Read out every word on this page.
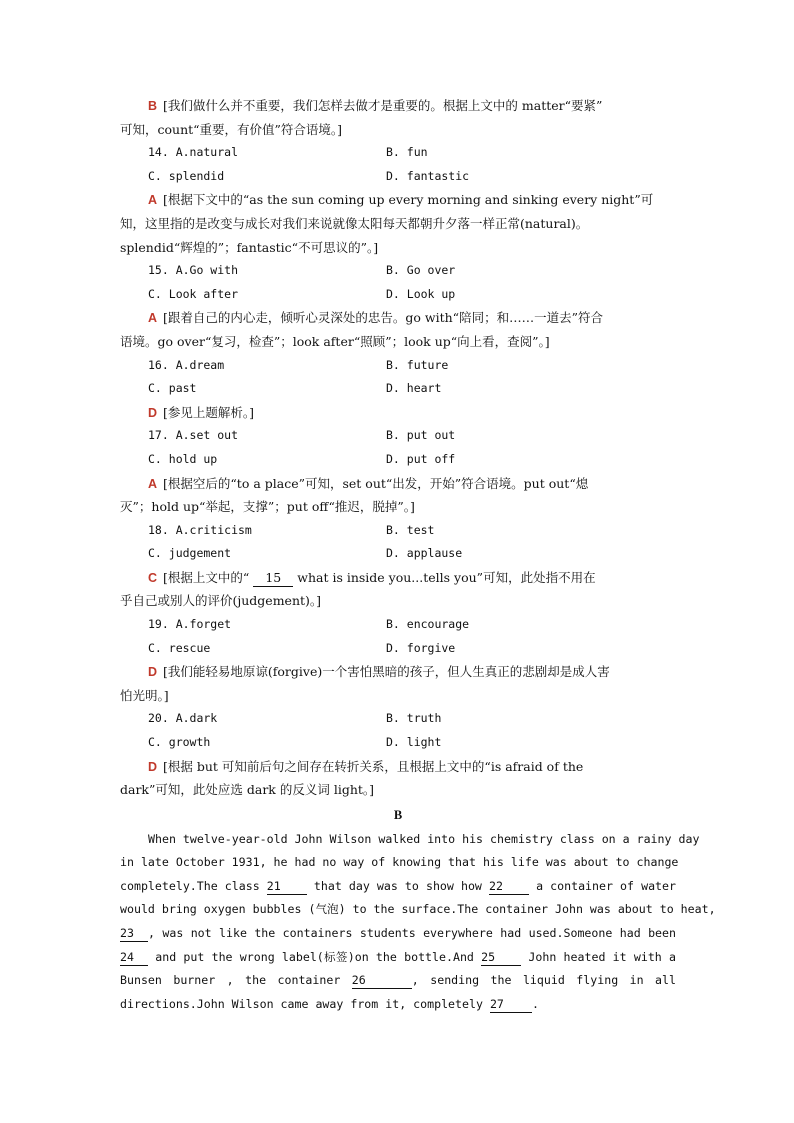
B [我们做什么并不重要，我们怎样去做才是重要的。根据上文中的 matter“要紧”
可知，count“重要，有价值”符合语境。]
14. A.natural	B. fun
C. splendid	D. fantastic
A [根据下文中的“as the sun coming up every morning and sinking every night”可
知，这里指的是改变与成长对我们来说就像太阳每天都朝升夕落一样正常(natural)。
splendid“辉煌的”；fantastic“不可思议的”。]
15. A.Go with	B. Go over
C. Look after	D. Look up
A [跟着自己的内心走，倾听心灵深处的忠告。go with“陪同；和……一道去”符合
语境。go over“复习，检查”；look after“照顾”；look up“向上看，查阅”。]
16. A.dream	B. future
C. past	D. heart
D [参见上题解析。]
17. A.set out	B. put out
C. hold up	D. put off
A [根据空后的“to a place”可知，set out“出发，开始”符合语境。put out“熄
灭”；hold up“举起，支撑”；put off“推迟，脱掉”。]
18. A.criticism	B. test
C. judgement	D. applause
C [根据上文中的“ 15 what is inside you...tells you”可知，此处指不用在
乎自己或别人的评价(judgement)。]
19. A.forget	B. encourage
C. rescue	D. forgive
D [我们能轻易地原谅(forgive)一个害怕黑暗的孩子，但人生真正的悲剧却是成人害
怕光明。]
20. A.dark	B. truth
C. growth	D. light
D [根据 but 可知前后句之间存在转折关系，且根据上文中的“is afraid of the
dark”可知，此处应选 dark 的反义词 light。]
B
When twelve-year-old John Wilson walked into his chemistry class on a rainy day
in late October 1931, he had no way of knowing that his life was about to change
completely.The class 21 that day was to show how 22 a container of water
would bring oxygen bubbles (气泡) to the surface.The container John was about to heat,
23 , was not like the containers students everywhere had used.Someone had been
24 and put the wrong label(标签)on the bottle.And 25 John heated it with a
Bunsen burner , the container 26	, sending the liquid flying in all
directions.John Wilson came away from it, completely 27 .
